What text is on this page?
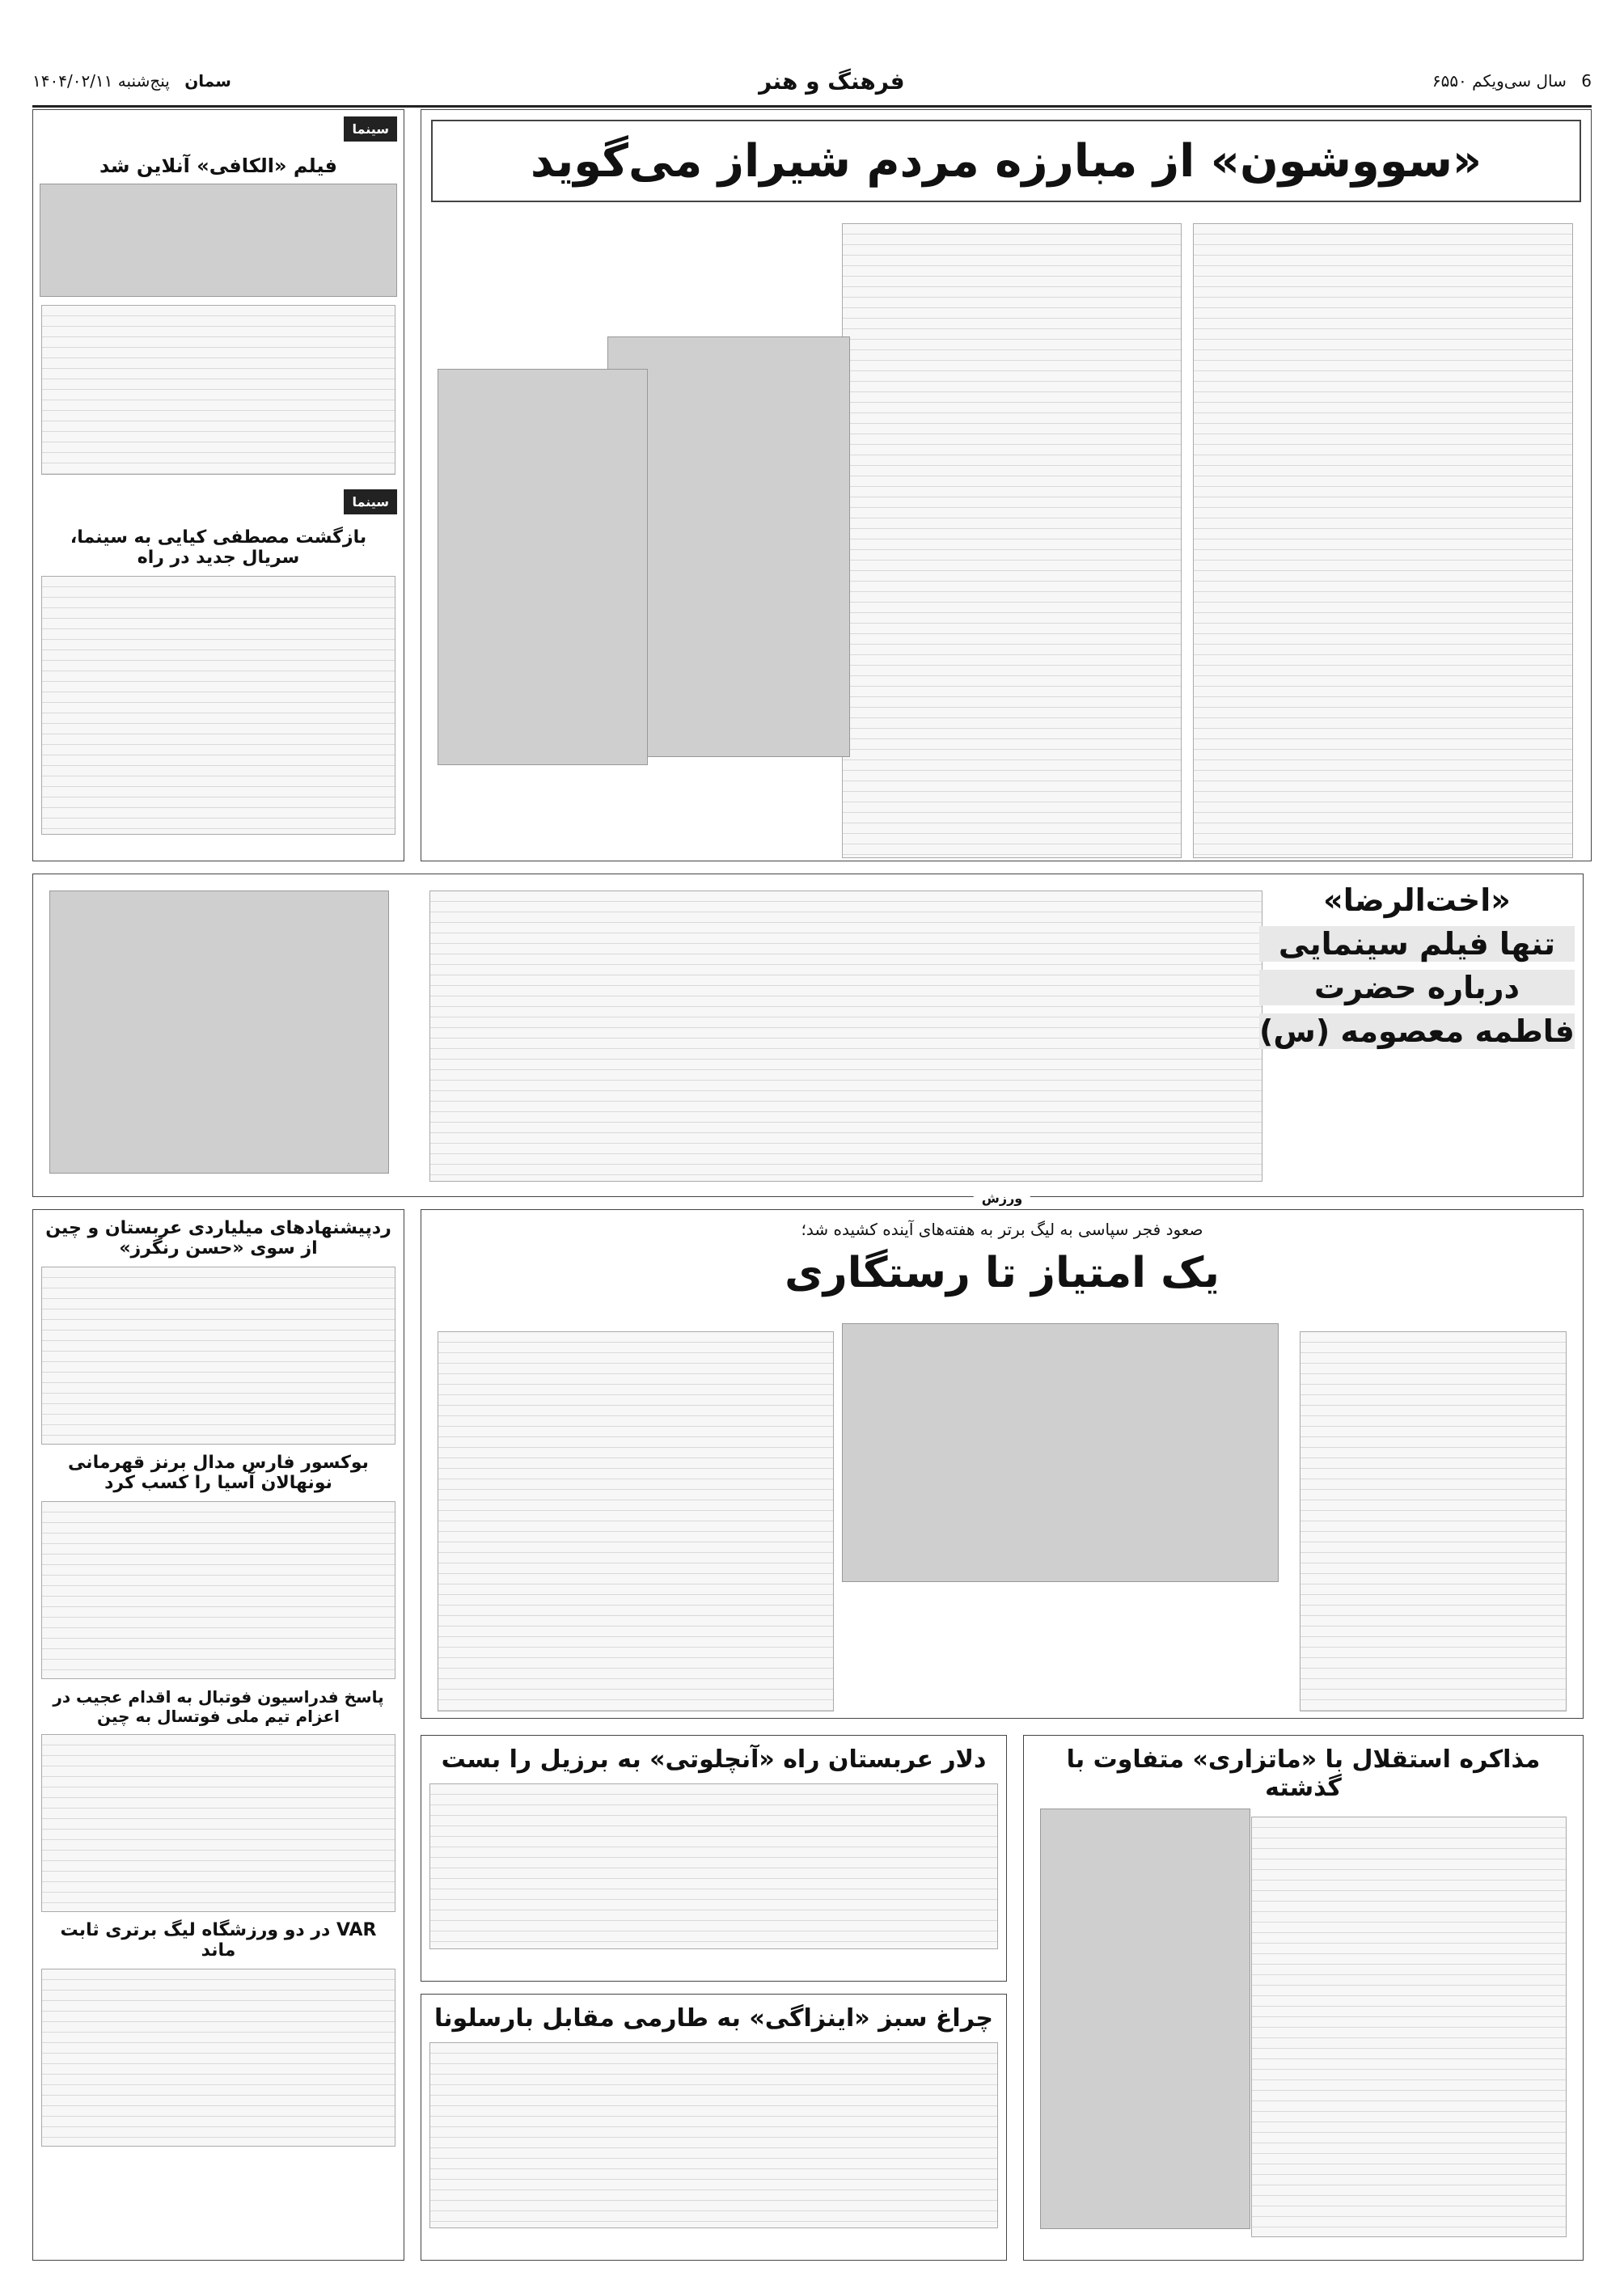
6 سال سی‌ویکم ۶۵۵۰
فرهنگ و هنر
سمان پنج‌شنبه ۱۴۰۴/۰۲/۱۱
«سووشون» از مبارزه مردم شیراز می‌گوید
سینما
فیلم «الکافی» آنلاین شد
سینما
بازگشت مصطفی کیایی به سینما، سریال جدید در راه
«اخت‌الرضا»
تنها فیلم سینمایی
درباره حضرت
فاطمه معصومه (س)
ورزش
صعود فجر سپاسی به لیگ برتر به هفته‌های آینده کشیده شد؛
یک امتیاز تا رستگاری
ردپیشنهادهای میلیاردی عربستان و چین از سوی «حسن رنگرز»
بوکسور فارس مدال برنز قهرمانی نونهالان آسیا را کسب کرد
پاسخ فدراسیون فوتبال به اقدام عجیب در اعزام تیم ملی فوتسال به چین
VAR در دو ورزشگاه لیگ برتری ثابت ماند
مذاکره استقلال با «ماتزاری» متفاوت با گذشته
دلار عربستان راه «آنچلوتی» به برزیل را بست
چراغ سبز «اینزاگی» به طارمی مقابل بارسلونا
